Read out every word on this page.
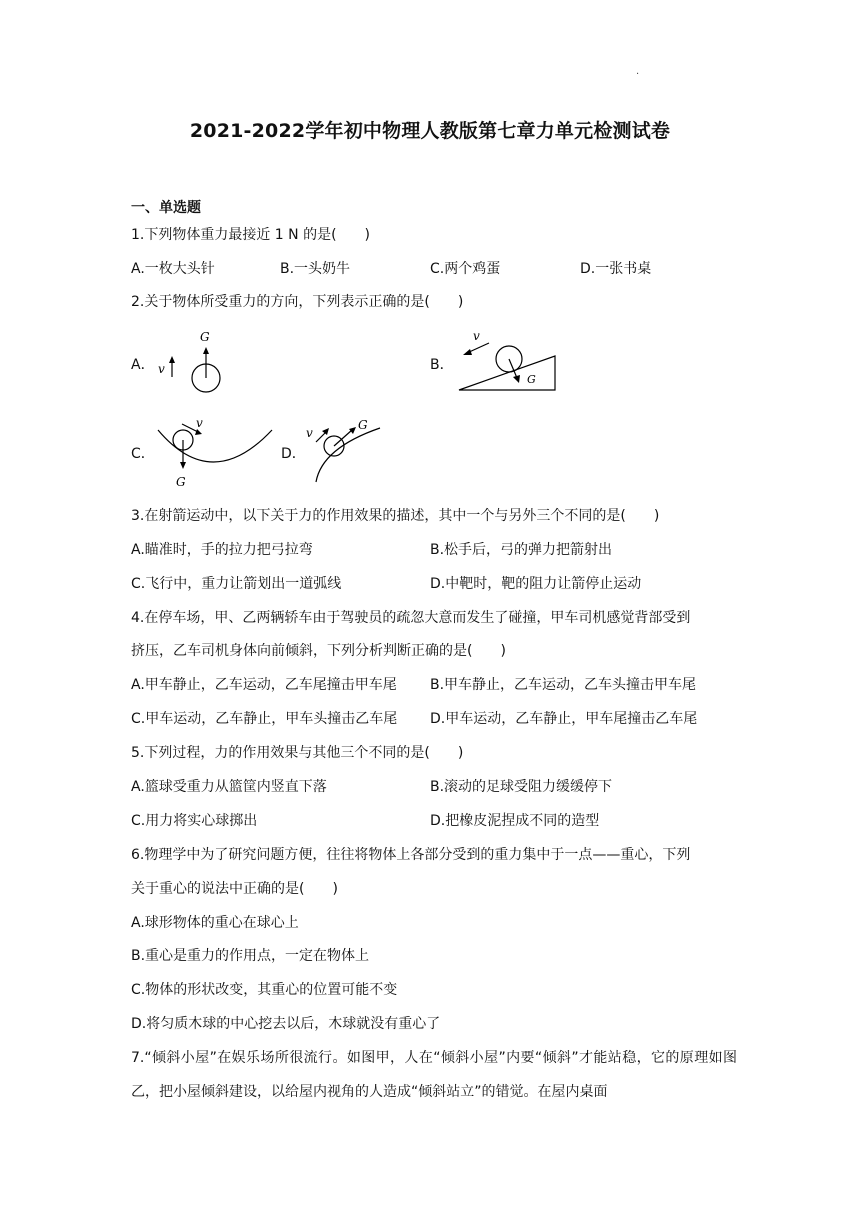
.
2021-2022学年初中物理人教版第七章力单元检测试卷
一、单选题
1.下列物体重力最接近 1 N 的是(　　)
A.一枚大头针	B.一头奶牛	C.两个鸡蛋	D.一张书桌
2.关于物体所受重力的方向，下列表示正确的是(　　)
A． v
G
B．
v
G
C．
v
G
D．
v
G
3.在射箭运动中，以下关于力的作用效果的描述，其中一个与另外三个不同的是(　　)
A.瞄准时，手的拉力把弓拉弯	B.松手后，弓的弹力把箭射出
C.飞行中，重力让箭划出一道弧线	D.中靶时，靶的阻力让箭停止运动
4.在停车场，甲、乙两辆轿车由于驾驶员的疏忽大意而发生了碰撞，甲车司机感觉背部受到
挤压，乙车司机身体向前倾斜，下列分析判断正确的是(　　)
A.甲车静止，乙车运动，乙车尾撞击甲车尾 B.甲车静止，乙车运动，乙车头撞击甲车尾
C.甲车运动，乙车静止，甲车头撞击乙车尾 D.甲车运动，乙车静止，甲车尾撞击乙车尾
5.下列过程，力的作用效果与其他三个不同的是(　　)
A.篮球受重力从篮筐内竖直下落	B.滚动的足球受阻力缓缓停下
C.用力将实心球掷出	D.把橡皮泥捏成不同的造型
6.物理学中为了研究问题方便，往往将物体上各部分受到的重力集中于一点——重心，下列
关于重心的说法中正确的是(　　)
A.球形物体的重心在球心上
B.重心是重力的作用点，一定在物体上
C.物体的形状改变，其重心的位置可能不变
D.将匀质木球的中心挖去以后，木球就没有重心了
7.“倾斜小屋”在娱乐场所很流行。如图甲，人在“倾斜小屋”内要“倾斜”才能站稳，它的原理如图乙，把小屋倾斜建设，以给屋内视角的人造成“倾斜站立”的错觉。在屋内桌面
